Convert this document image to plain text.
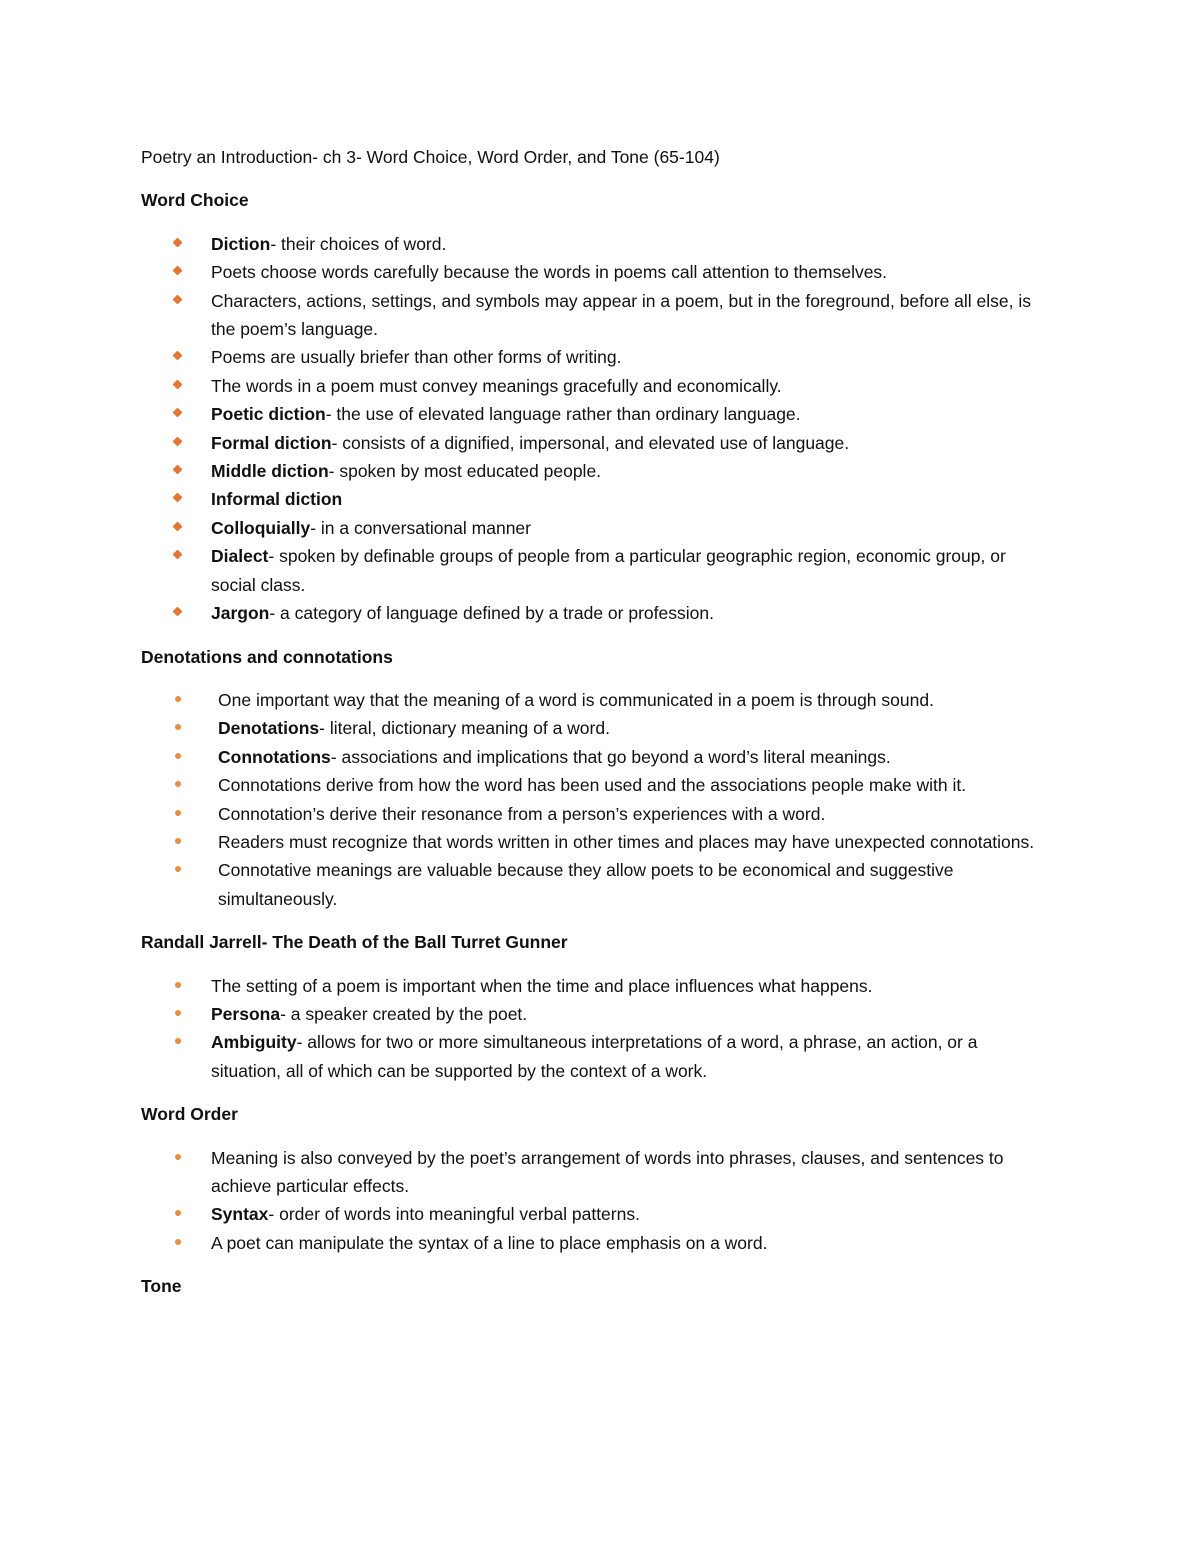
Poetry an Introduction- ch 3- Word Choice, Word Order, and Tone (65-104)

Word Choice

Diction- their choices of word.
Poets choose words carefully because the words in poems call attention to themselves.
Characters, actions, settings, and symbols may appear in a poem, but in the foreground, before all else, is the poem’s language.
Poems are usually briefer than other forms of writing.
The words in a poem must convey meanings gracefully and economically.
Poetic diction- the use of elevated language rather than ordinary language.
Formal diction- consists of a dignified, impersonal, and elevated use of language.
Middle diction- spoken by most educated people.
Informal diction
Colloquially- in a conversational manner
Dialect- spoken by definable groups of people from a particular geographic region, economic group, or social class.
Jargon- a category of language defined by a trade or profession.

Denotations and connotations

One important way that the meaning of a word is communicated in a poem is through sound.
Denotations- literal, dictionary meaning of a word.
Connotations- associations and implications that go beyond a word’s literal meanings.
Connotations derive from how the word has been used and the associations people make with it.
Connotation’s derive their resonance from a person’s experiences with a word.
Readers must recognize that words written in other times and places may have unexpected connotations.
Connotative meanings are valuable because they allow poets to be economical and suggestive simultaneously.

Randall Jarrell- The Death of the Ball Turret Gunner

The setting of a poem is important when the time and place influences what happens.
Persona- a speaker created by the poet.
Ambiguity- allows for two or more simultaneous interpretations of a word, a phrase, an action, or a situation, all of which can be supported by the context of a work.

Word Order

Meaning is also conveyed by the poet’s arrangement of words into phrases, clauses, and sentences to achieve particular effects.
Syntax- order of words into meaningful verbal patterns.
A poet can manipulate the syntax of a line to place emphasis on a word.

Tone
